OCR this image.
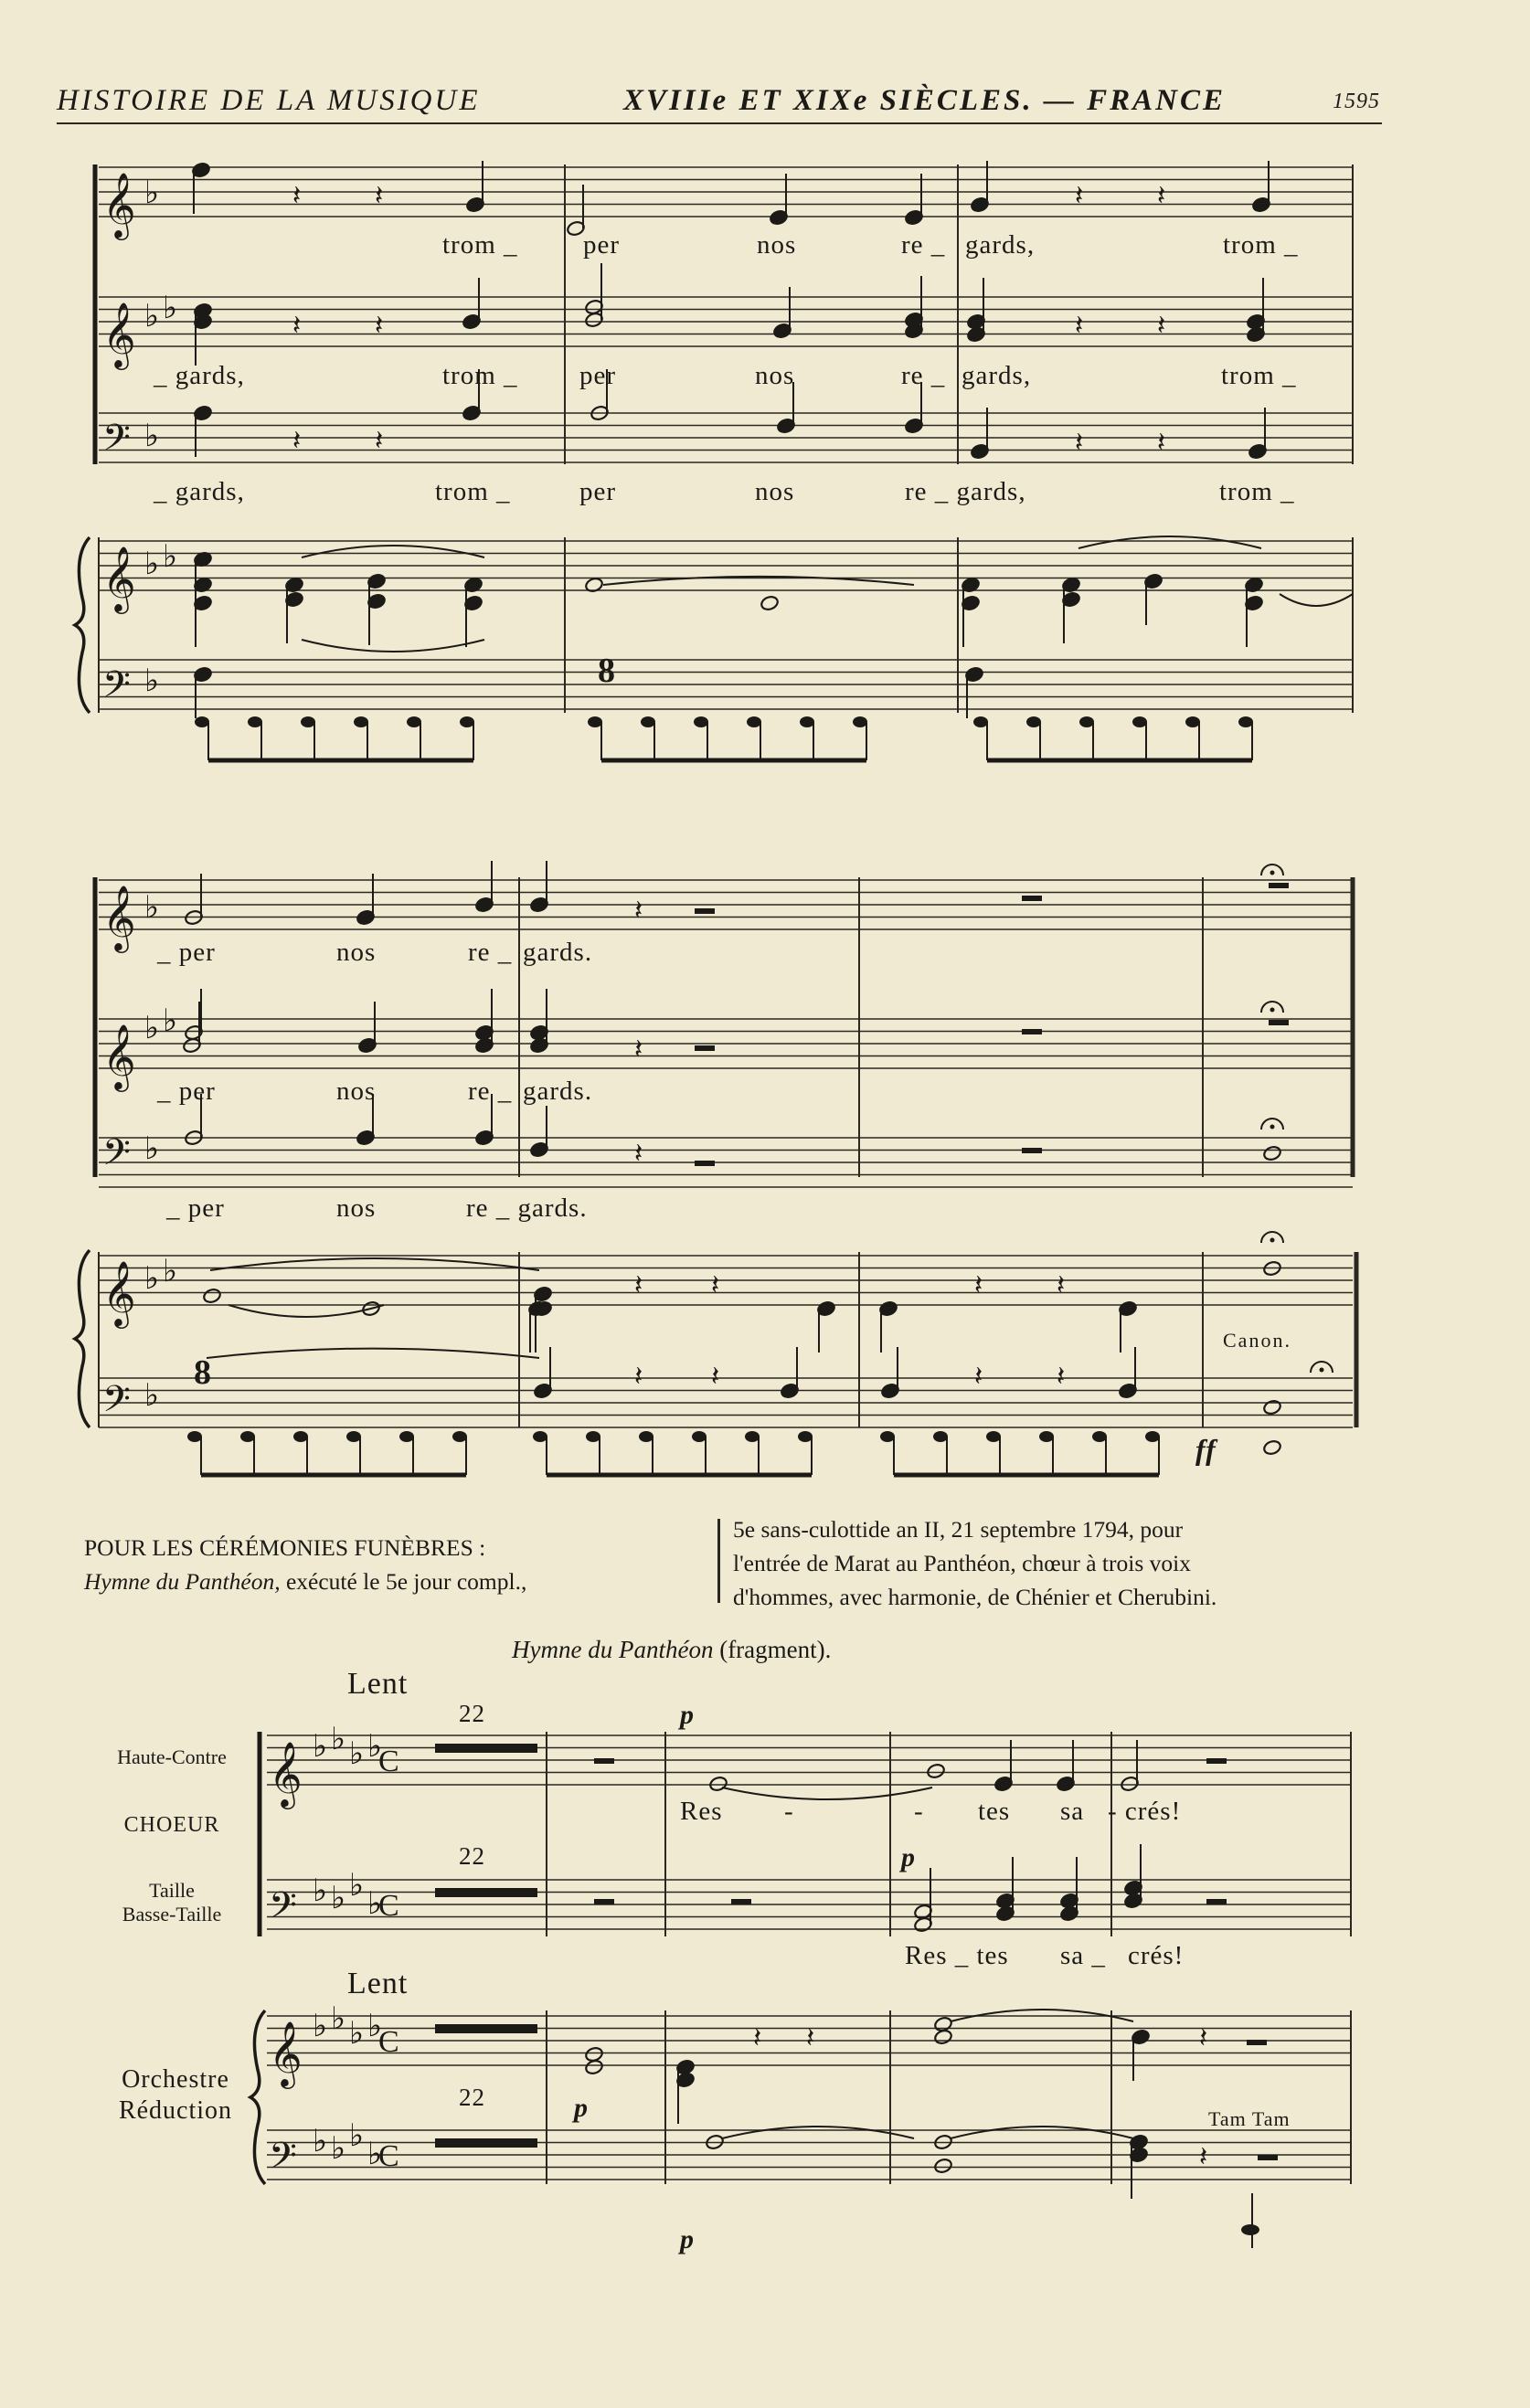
HISTOIRE DE LA MUSIQUE	XVIIIe ET XIXe SIÈCLES. — FRANCE	1595
𝄞
𝄞
𝄢
𝄞
𝄢
♭
♭ ♭
♭
♭ ♭
♭
𝄽	𝄽	𝄽	𝄽
𝄽	𝄽	𝄽	𝄽
𝄽	𝄽	𝄽	𝄽
𝄞
𝄞
𝄢
𝄞
𝄢
♭
♭ ♭
♭
♭ ♭
♭
𝄽
𝄽
𝄽
𝄽 𝄽	𝄽	𝄽
𝄽 𝄽	𝄽	𝄽
𝄞
𝄢
𝄞
𝄢
♭ ♭ ♭ ♭
♭ ♭ ♭ ♭
♭ ♭ ♭ ♭
♭ ♭ ♭ ♭
C
C
C
C
𝄽 𝄽	𝄽
𝄽
trom _ per	nos	re _ gards,	trom _
_ gards,	trom _ per	nos	re _ gards,	trom _
_ gards,	trom _	per	nos	re _ gards,	trom _
8
_ per	nos	re _ gards.
_ per	nos	re _ gards.
_ per	nos	re _ gards.
Canon.
ff
8
POUR LES CÉRÉMONIES FUNÈBRES :
Hymne du Panthéon, exécuté le 5e jour compl.,
5e sans-culottide an II, 21 septembre 1794, pour
l'entrée de Marat au Panthéon, chœur à trois voix
d'hommes, avec harmonie, de Chénier et Cherubini.
Hymne du Panthéon (fragment).
Lent
Lent
22
22
22
p
p
p
p
Haute-Contre
CHOEUR
Taille
Basse-Taille
Orchestre
Réduction	Tam Tam
Res -	- tes sa - crés!
Res _ tes sa _ crés!
